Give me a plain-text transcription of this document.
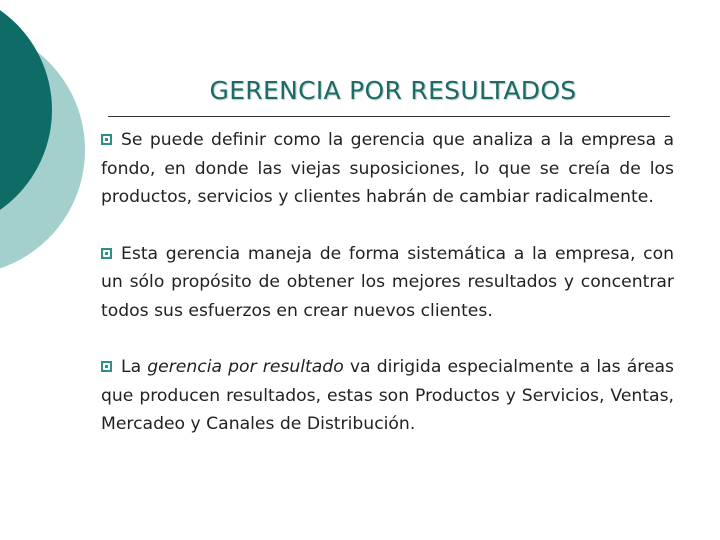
GERENCIA POR RESULTADOS
Se puede definir como la gerencia que analiza a la empresa a fondo, en donde las viejas suposiciones, lo que se creía de los productos, servicios y clientes habrán de cambiar radicalmente.
Esta gerencia maneja de forma sistemática a la empresa, con un sólo propósito de obtener los mejores resultados y concentrar todos sus esfuerzos en crear nuevos clientes.
La gerencia por resultado va dirigida especialmente a las áreas que producen resultados, estas son Productos y Servicios, Ventas, Mercadeo y Canales de Distribución.
